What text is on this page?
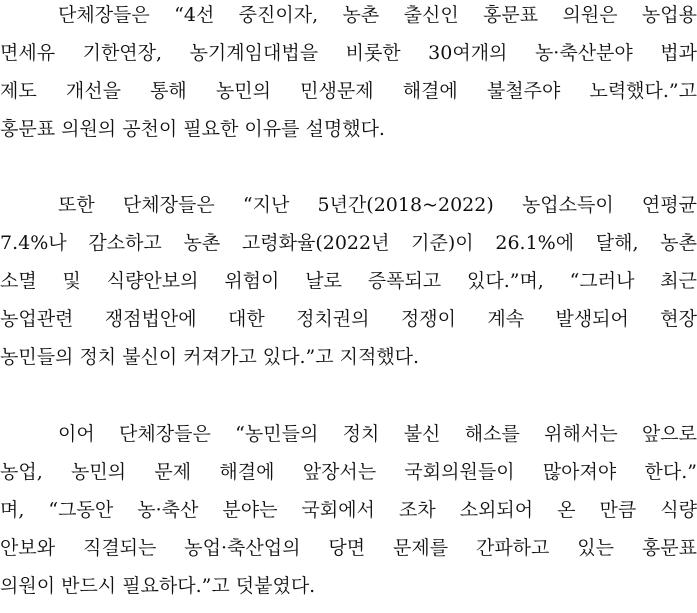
단체장들은 “4선 중진이자, 농촌 출신인 홍문표 의원은 농업용
면세유 기한연장, 농기계임대법을 비롯한 30여개의 농·축산분야 법과
제도 개선을 통해 농민의 민생문제 해결에 불철주야 노력했다.”고
홍문표 의원의 공천이 필요한 이유를 설명했다.
또한 단체장들은 “지난 5년간(2018~2022) 농업소득이 연평균
7.4%나 감소하고 농촌 고령화율(2022년 기준)이 26.1%에 달해, 농촌
소멸 및 식량안보의 위험이 날로 증폭되고 있다.”며, “그러나 최근
농업관련 쟁점법안에 대한 정치권의 정쟁이 계속 발생되어 현장
농민들의 정치 불신이 커져가고 있다.”고 지적했다.
이어 단체장들은 “농민들의 정치 불신 해소를 위해서는 앞으로
농업, 농민의 문제 해결에 앞장서는 국회의원들이 많아져야 한다.”
며, “그동안 농·축산 분야는 국회에서 조차 소외되어 온 만큼 식량
안보와 직결되는 농업·축산업의 당면 문제를 간파하고 있는 홍문표
의원이 반드시 필요하다.”고 덧붙였다.
